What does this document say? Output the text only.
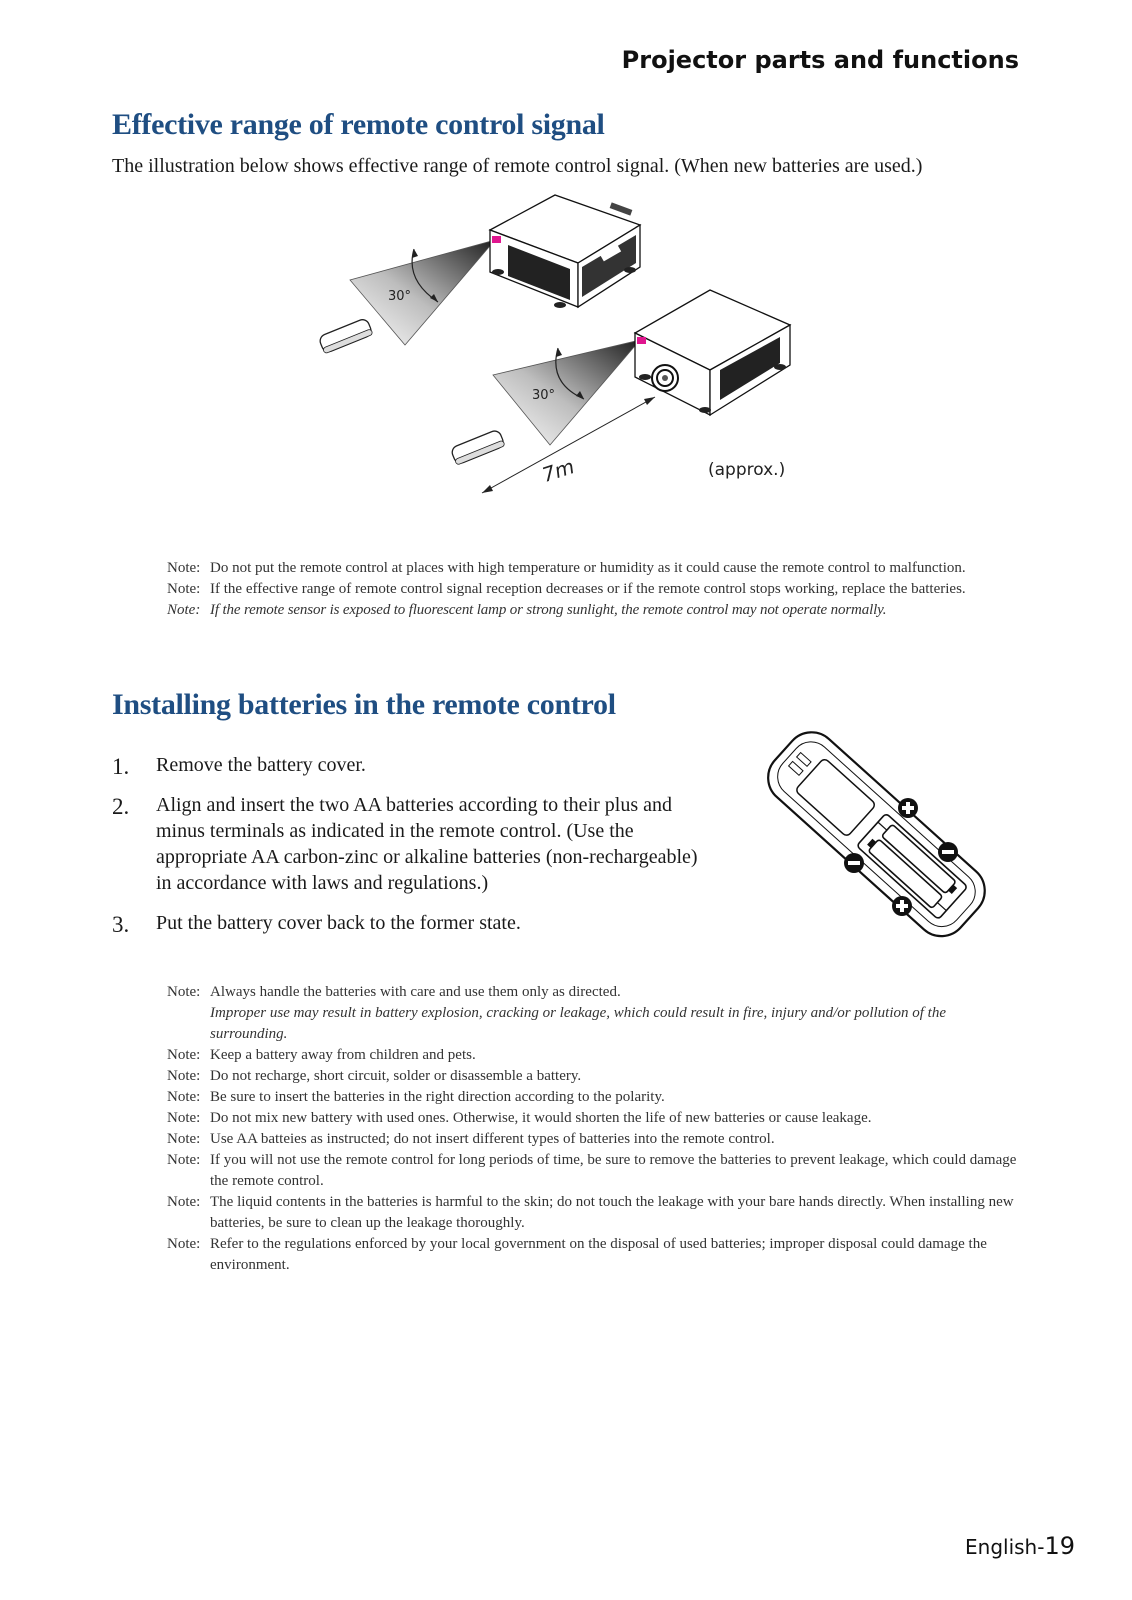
Projector parts and functions
Effective range of remote control signal

The illustration below shows effective range of remote control signal. (When new batteries are used.)

30°
30°
7m	(approx.)
Note: Do not put the remote control at places with high temperature or humidity as it could cause the remote control to malfunction.
Note: If the effective range of remote control signal reception decreases or if the remote control stops working, replace the batteries.
Note: If the remote sensor is exposed to fluorescent lamp or strong sunlight, the remote control may not operate normally.
Installing batteries in the remote control
1. Remove the battery cover.
2. Align and insert the two AA batteries according to their plus and minus terminals as indicated in the remote control. (Use the appropriate AA carbon-zinc or alkaline batteries (non-rechargeable) in accordance with laws and regulations.)
3. Put the battery cover back to the former state.
Note: Always handle the batteries with care and use them only as directed.
Improper use may result in battery explosion, cracking or leakage, which could result in fire, injury and/or pollution of the surrounding.
Note: Keep a battery away from children and pets.
Note: Do not recharge, short circuit, solder or disassemble a battery.
Note: Be sure to insert the batteries in the right direction according to the polarity.
Note: Do not mix new battery with used ones. Otherwise, it would shorten the life of new batteries or cause leakage.
Note: Use AA batteies as instructed; do not insert different types of batteries into the remote control.
Note: If you will not use the remote control for long periods of time, be sure to remove the batteries to prevent leakage, which could damage the remote control.
Note: The liquid contents in the batteries is harmful to the skin; do not touch the leakage with your bare hands directly. When installing new batteries, be sure to clean up the leakage thoroughly.
Note: Refer to the regulations enforced by your local government on the disposal of used batteries; improper disposal could damage the environment.
English-19
